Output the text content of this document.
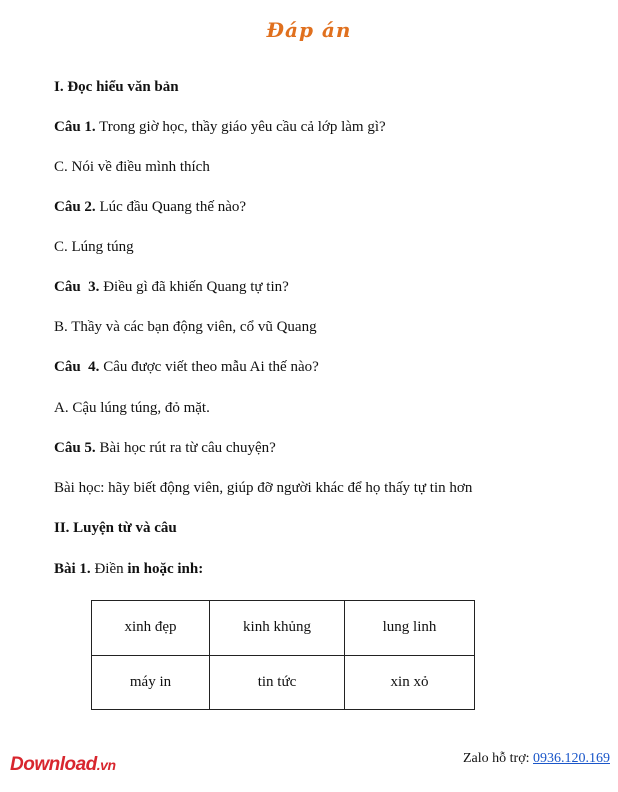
Đáp án
I. Đọc hiểu văn bản
Câu 1. Trong giờ học, thầy giáo yêu cầu cả lớp làm gì?
C. Nói về điều mình thích
Câu 2. Lúc đầu Quang thế nào?
C. Lúng túng
Câu  3. Điều gì đã khiến Quang tự tin?
B. Thầy và các bạn động viên, cổ vũ Quang
Câu  4. Câu được viết theo mẫu Ai thế nào?
A. Cậu lúng túng, đỏ mặt.
Câu 5. Bài học rút ra từ câu chuyện?
Bài học: hãy biết động viên, giúp đỡ người khác để họ thấy tự tin hơn
II. Luyện từ và câu
Bài 1. Điền in hoặc inh:
xinh đẹp	kinh khủng	lung linh
máy in	tin tức	xin xỏ
Download.vn	Zalo hỗ trợ: 0936.120.169
